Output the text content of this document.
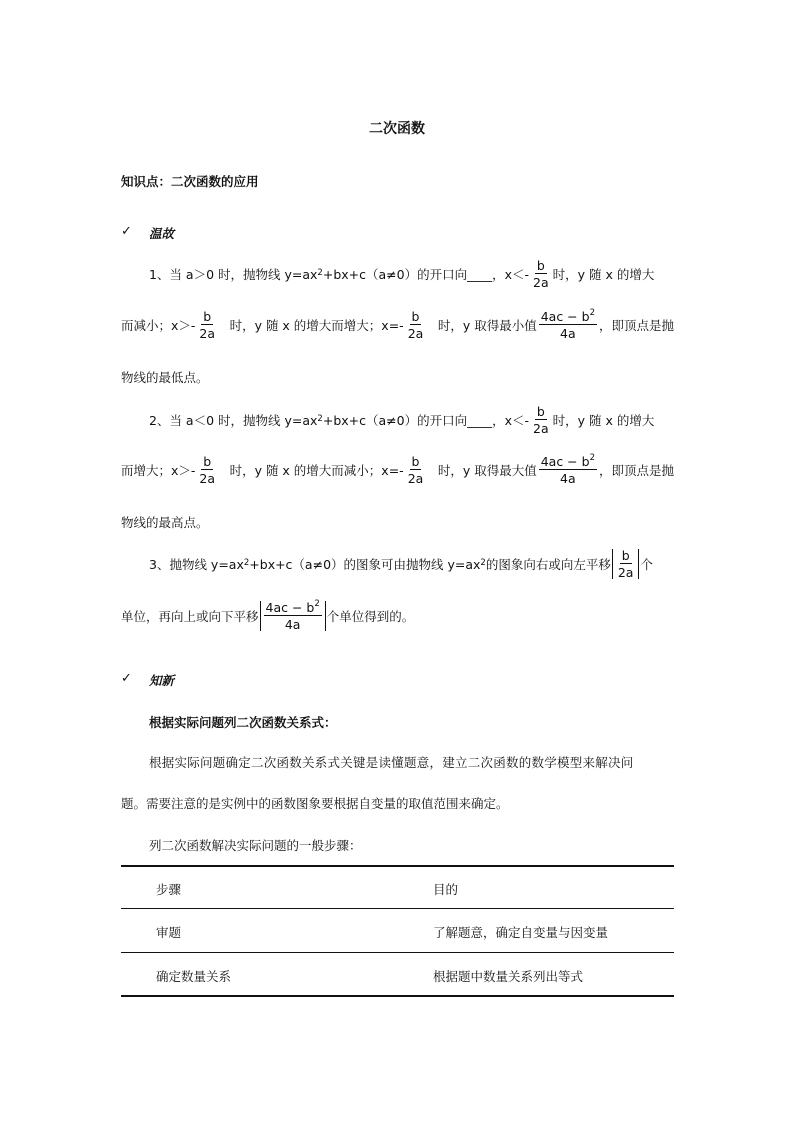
二次函数
知识点：二次函数的应用
✓ 温故
1、当 a＞0 时，抛物线 $y=ax^2 +bx+c(a\ne 0)$的开口向____，$x<- \frac{b}{2a}$ 时，y 随 x 的增大
而减小；$x>- \frac{b}{2a}$ 时，y 随 x 的增大而增大；$x=- \frac{b}{2a}$ 时，y 取得最小值 $\frac{4ac - b^2}{4a}$ ，即顶点是抛
物线的最低点。
2、当 a＜0 时，抛物线 $y=ax^2 +bx+c(a\ne 0)$的开口向____，$x<- \frac{b}{2a}$ 时，y 随 x 的增大
而增大；$x>- \frac{b}{2a}$ 时，y 随 x 的增大而减小；$x=- \frac{b}{2a}$ 时，y 取得最大值 $\frac{4ac - b^2}{4a}$ ，即顶点是抛
物线的最高点。
3、抛物线 $y=ax^2 +bx+c(a\ne 0)$的图象可由抛物线 $y=ax^2$ 的图象向右或向左平移 $\frac{b}{2a}$ 个
单位，再向上或向下平移 $\frac{4ac - b^2}{4a}$ 个单位得到的。
✓ 知新
根据实际问题列二次函数关系式：
根据实际问题确定二次函数关系式关键是读懂题意，建立二次函数的数学模型来解决问
题。需要注意的是实例中的函数图象要根据自变量的取值范围来确定。
列二次函数解决实际问题的一般步骤：
步骤	目的
审题	了解题意，确定自变量与因变量
确定数量关系	根据题中数量关系列出等式
